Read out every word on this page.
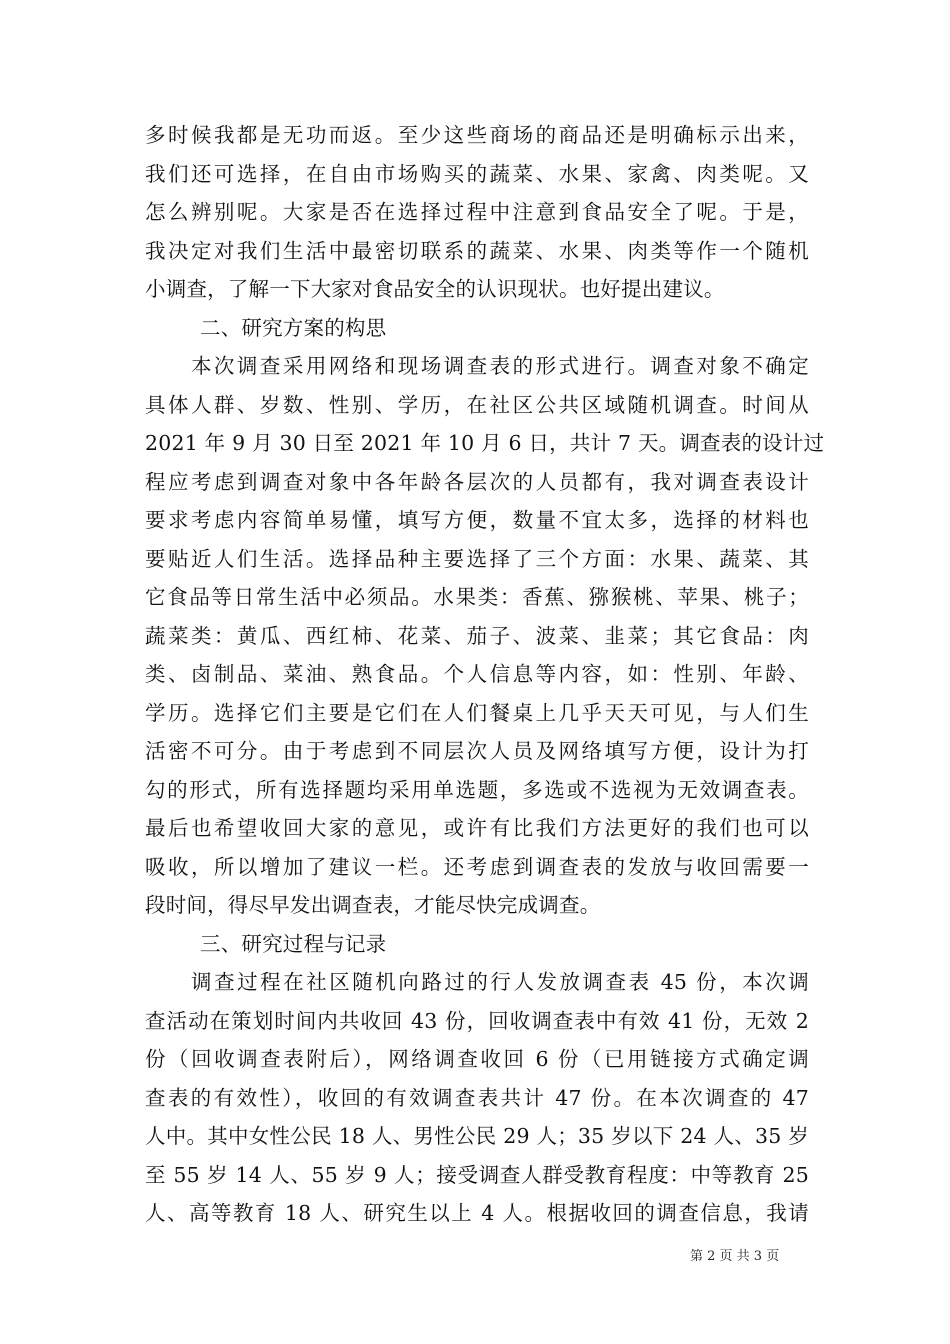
多时候我都是无功而返。至少这些商场的商品还是明确标示出来，
我们还可选择，在自由市场购买的蔬菜、水果、家禽、肉类呢。又
怎么辨别呢。大家是否在选择过程中注意到食品安全了呢。于是，
我决定对我们生活中最密切联系的蔬菜、水果、肉类等作一个随机
小调查，了解一下大家对食品安全的认识现状。也好提出建议。
二、研究方案的构思
　　本次调查采用网络和现场调查表的形式进行。调查对象不确定
具体人群、岁数、性别、学历，在社区公共区域随机调查。时间从
2021 年 9 月 30 日至 2021 年 10 月 6 日，共计 7 天。调查表的设计过
程应考虑到调查对象中各年龄各层次的人员都有，我对调查表设计
要求考虑内容简单易懂，填写方便，数量不宜太多，选择的材料也
要贴近人们生活。选择品种主要选择了三个方面：水果、蔬菜、其
它食品等日常生活中必须品。水果类：香蕉、猕猴桃、苹果、桃子；
蔬菜类：黄瓜、西红柿、花菜、茄子、波菜、韭菜；其它食品：肉
类、卤制品、菜油、熟食品。个人信息等内容，如：性别、年龄、
学历。选择它们主要是它们在人们餐桌上几乎天天可见，与人们生
活密不可分。由于考虑到不同层次人员及网络填写方便，设计为打
勾的形式，所有选择题均采用单选题，多选或不选视为无效调查表。
最后也希望收回大家的意见，或许有比我们方法更好的我们也可以
吸收，所以增加了建议一栏。还考虑到调查表的发放与收回需要一
段时间，得尽早发出调查表，才能尽快完成调查。
三、研究过程与记录
　　调查过程在社区随机向路过的行人发放调查表 45 份，本次调
查活动在策划时间内共收回 43 份，回收调查表中有效 41 份，无效 2
份（回收调查表附后），网络调查收回 6 份（已用链接方式确定调
查表的有效性），收回的有效调查表共计 47 份。在本次调查的 47
人中。其中女性公民 18 人、男性公民 29 人；35 岁以下 24 人、35 岁
至 55 岁 14 人、55 岁 9 人；接受调查人群受教育程度：中等教育 25
人、高等教育 18 人、研究生以上 4 人。根据收回的调查信息，我请
第 2 页 共 3 页
